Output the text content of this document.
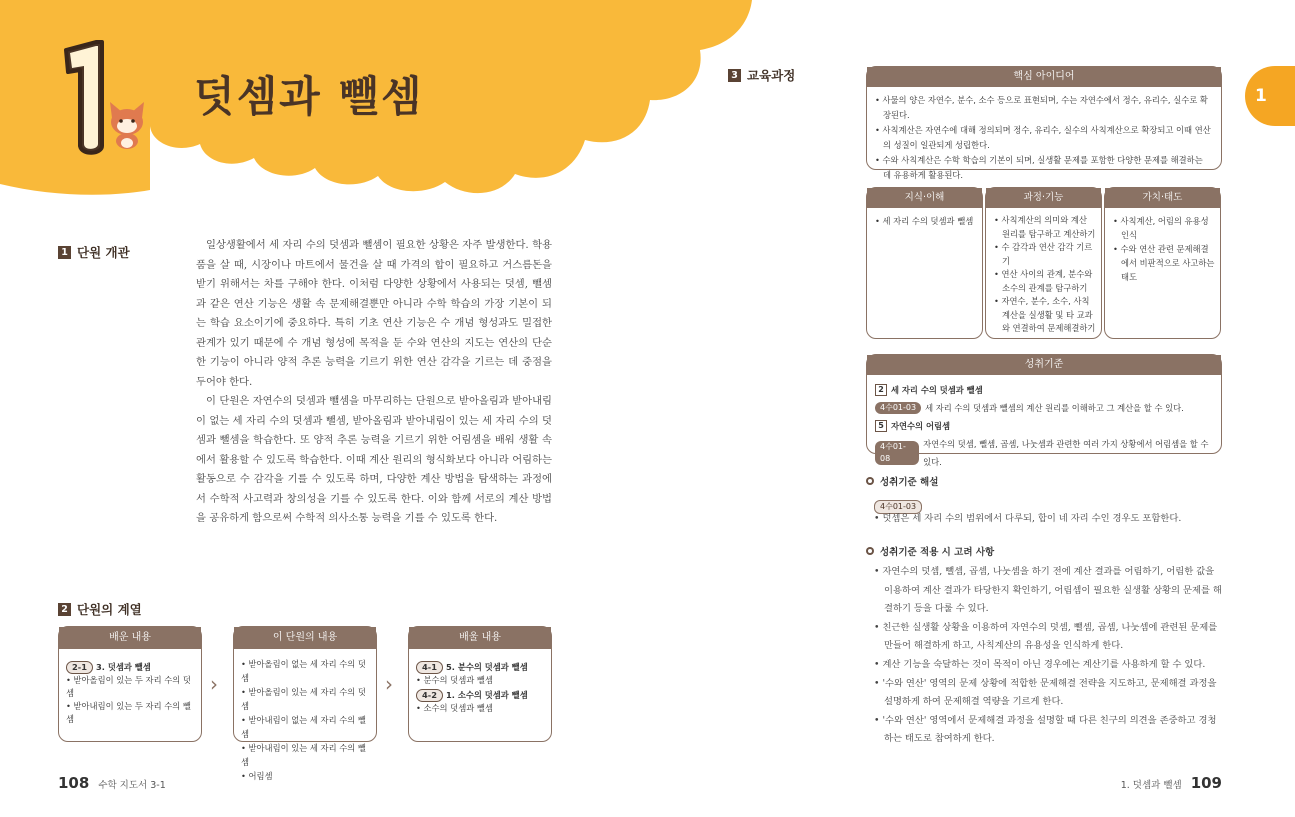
덧셈과 뺄셈
1 단원 개관	일상생활에서 세 자리 수의 덧셈과 뺄셈이 필요한 상황은 자주 발생한다. 학용품을 살 때, 시장이나 마트에서 물건을 살 때 가격의 합이 필요하고 거스름돈을 받기 위해서는 차를 구해야 한다. 이처럼 다양한 상황에서 사용되는 덧셈, 뺄셈과 같은 연산 기능은 생활 속 문제해결뿐만 아니라 수학 학습의 가장 기본이 되는 학습 요소이기에 중요하다. 특히 기초 연산 기능은 수 개념 형성과도 밀접한 관계가 있기 때문에 수 개념 형성에 목적을 둔 수와 연산의 지도는 연산의 단순한 기능이 아니라 양적 추론 능력을 기르기 위한 연산 감각을 기르는 데 중점을 두어야 한다.

이 단원은 자연수의 덧셈과 뺄셈을 마무리하는 단원으로 받아올림과 받아내림이 없는 세 자리 수의 덧셈과 뺄셈, 받아올림과 받아내림이 있는 세 자리 수의 덧셈과 뺄셈을 학습한다. 또 양적 추론 능력을 기르기 위한 어림셈을 배워 생활 속에서 활용할 수 있도록 학습한다. 이때 계산 원리의 형식화보다 아니라 어림하는 활동으로 수 감각을 기를 수 있도록 하며, 다양한 계산 방법을 탐색하는 과정에서 수학적 사고력과 창의성을 기를 수 있도록 한다. 이와 함께 서로의 계산 방법을 공유하게 함으로써 수학적 의사소통 능력을 기를 수 있도록 한다.

2 단원의 계열
배운 내용
2-1 3. 덧셈과 뺄셈
• 받아올림이 있는 두 자리 수의 덧셈
• 받아내림이 있는 두 자리 수의 뺄셈
›
이 단원의 내용
• 받아올림이 없는 세 자리 수의 덧셈
• 받아올림이 있는 세 자리 수의 덧셈
• 받아내림이 없는 세 자리 수의 뺄셈
• 받아내림이 있는 세 자리 수의 뺄셈
• 어림셈
›
배울 내용
4-1 5. 분수의 덧셈과 뺄셈
• 분수의 덧셈과 뺄셈
4-2 1. 소수의 덧셈과 뺄셈
• 소수의 덧셈과 뺄셈
108 수학 지도서 3-1
3 교육과정
1
핵심 아이디어
• 사물의 양은 자연수, 분수, 소수 등으로 표현되며, 수는 자연수에서 정수, 유리수, 실수로 확장된다.
• 사칙계산은 자연수에 대해 정의되며 정수, 유리수, 실수의 사칙계산으로 확장되고 이때 연산의 성질이 일관되게 성립한다.
• 수와 사칙계산은 수학 학습의 기본이 되며, 실생활 문제를 포함한 다양한 문제를 해결하는 데 유용하게 활용된다.
지식·이해
• 세 자리 수의 덧셈과 뺄셈
과정·기능
• 사칙계산의 의미와 계산 원리를 탐구하고 계산하기
• 수 감각과 연산 감각 기르기
• 연산 사이의 관계, 분수와 소수의 관계를 탐구하기
• 자연수, 분수, 소수, 사칙계산을 실생활 및 타 교과와 연결하여 문제해결하기
가치·태도
• 사칙계산, 어림의 유용성 인식
• 수와 연산 관련 문제해결에서 비판적으로 사고하는 태도
성취기준
2 세 자리 수의 덧셈과 뺄셈
4수01-03	세 자리 수의 덧셈과 뺄셈의 계산 원리를 이해하고 그 계산을 할 수 있다.
5 자연수의 어림셈
4수01-08
자연수의 덧셈, 뺄셈, 곱셈, 나눗셈과 관련한 여러 가지 상황에서 어림셈을 할 수 있다.
성취기준 해설
4수01-03
• 덧셈은 세 자리 수의 범위에서 다루되, 합이 네 자리 수인 경우도 포함한다.
성취기준 적용 시 고려 사항
• 자연수의 덧셈, 뺄셈, 곱셈, 나눗셈을 하기 전에 계산 결과를 어림하기, 어림한 값을 이용하여 계산 결과가 타당한지 확인하기, 어림셈이 필요한 실생활 상황의 문제를 해결하기 등을 다룰 수 있다.
• 친근한 실생활 상황을 이용하여 자연수의 덧셈, 뺄셈, 곱셈, 나눗셈에 관련된 문제를 만들어 해결하게 하고, 사칙계산의 유용성을 인식하게 한다.
• 계산 기능을 숙달하는 것이 목적이 아닌 경우에는 계산기를 사용하게 할 수 있다.
• '수와 연산' 영역의 문제 상황에 적합한 문제해결 전략을 지도하고, 문제해결 과정을 설명하게 하여 문제해결 역량을 기르게 한다.
• '수와 연산' 영역에서 문제해결 과정을 설명할 때 다른 친구의 의견을 존중하고 경청하는 태도로 참여하게 한다.
1. 덧셈과 뺄셈 109
